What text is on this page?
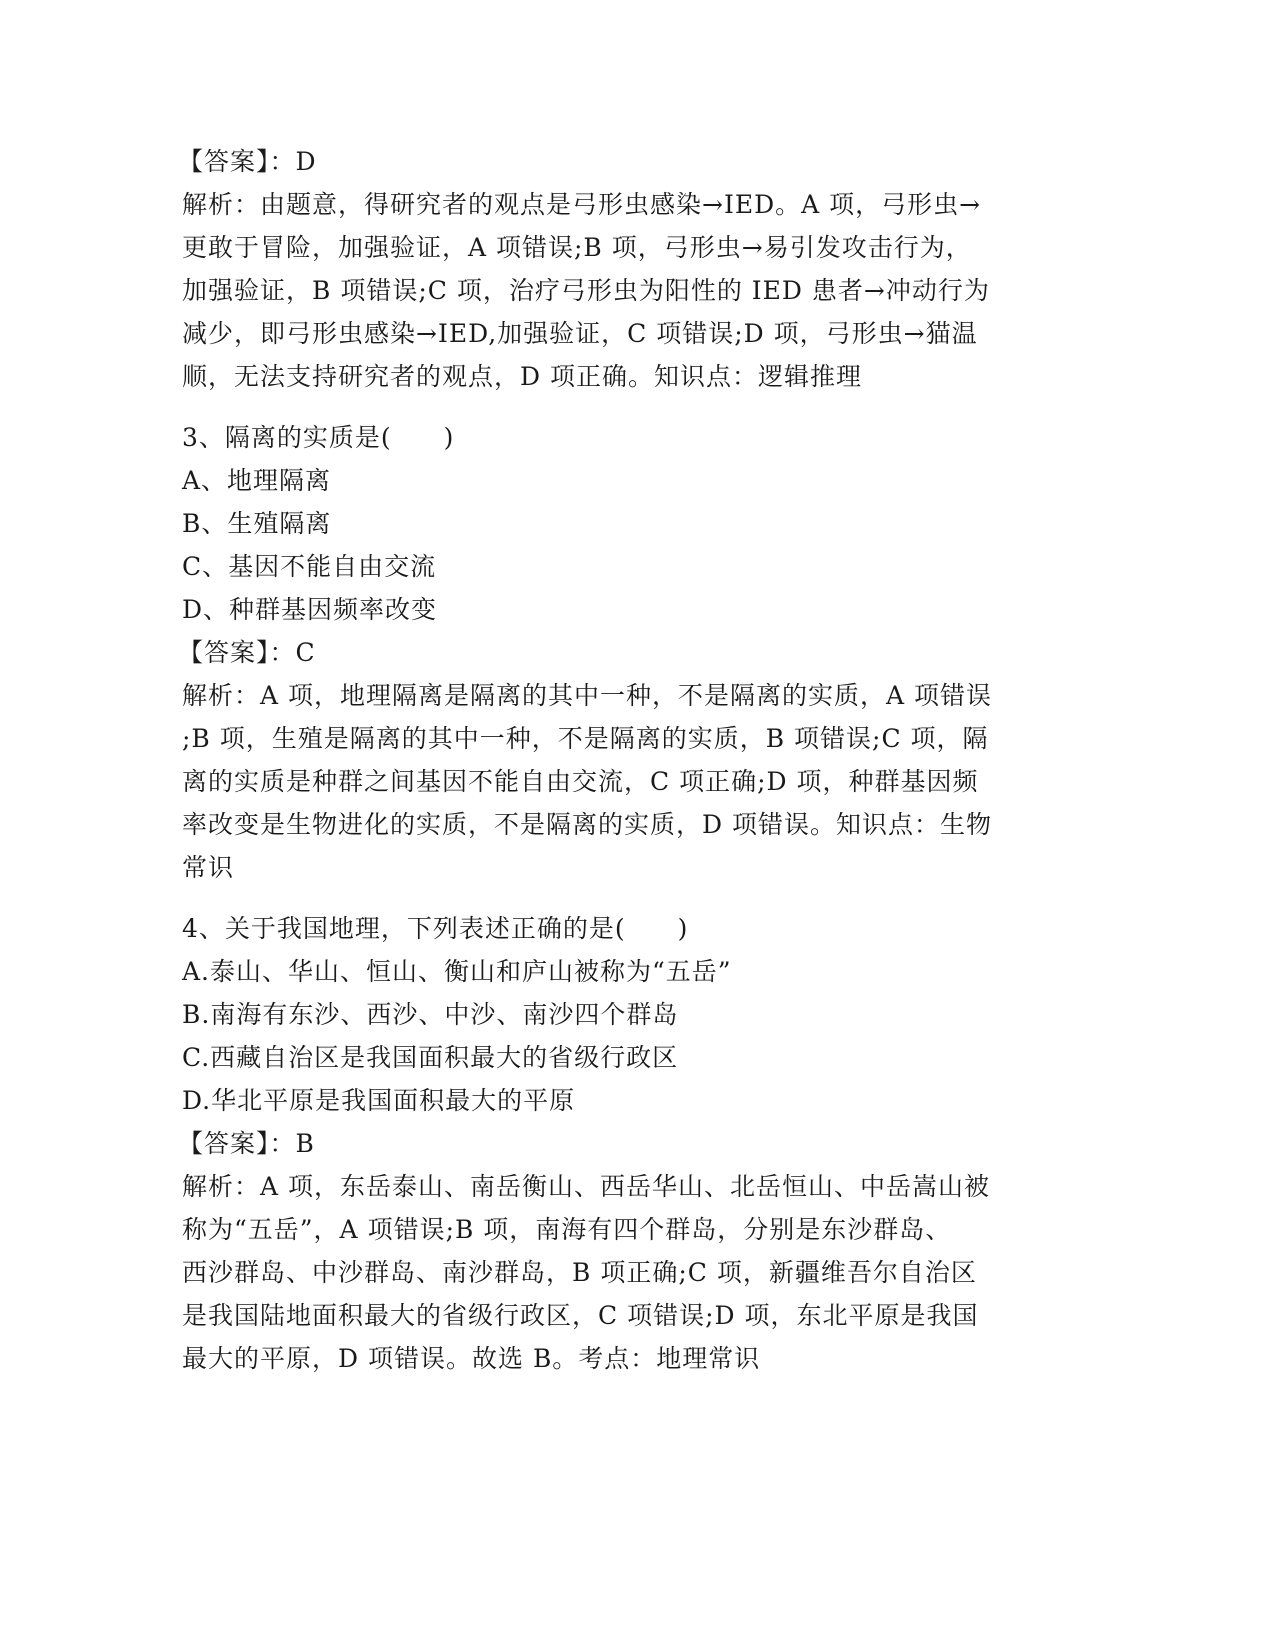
【答案】：D
解析：由题意，得研究者的观点是弓形虫感染→IED。A 项，弓形虫→
更敢于冒险，加强验证，A 项错误;B 项，弓形虫→易引发攻击行为，
加强验证，B 项错误;C 项，治疗弓形虫为阳性的 IED 患者→冲动行为
减少，即弓形虫感染→IED,加强验证，C 项错误;D 项，弓形虫→猫温
顺，无法支持研究者的观点，D 项正确。知识点：逻辑推理
3、隔离的实质是(　　)
A、地理隔离
B、生殖隔离
C、基因不能自由交流
D、种群基因频率改变
【答案】：C
解析：A 项，地理隔离是隔离的其中一种，不是隔离的实质，A 项错误
;B 项，生殖是隔离的其中一种，不是隔离的实质，B 项错误;C 项，隔
离的实质是种群之间基因不能自由交流，C 项正确;D 项，种群基因频
率改变是生物进化的实质，不是隔离的实质，D 项错误。知识点：生物
常识
4、关于我国地理，下列表述正确的是(　　)
A.泰山、华山、恒山、衡山和庐山被称为“五岳”
B.南海有东沙、西沙、中沙、南沙四个群岛
C.西藏自治区是我国面积最大的省级行政区
D.华北平原是我国面积最大的平原
【答案】：B
解析：A 项，东岳泰山、南岳衡山、西岳华山、北岳恒山、中岳嵩山被
称为“五岳”，A 项错误;B 项，南海有四个群岛，分别是东沙群岛、
西沙群岛、中沙群岛、南沙群岛，B 项正确;C 项，新疆维吾尔自治区
是我国陆地面积最大的省级行政区，C 项错误;D 项，东北平原是我国
最大的平原，D 项错误。故选 B。考点：地理常识
